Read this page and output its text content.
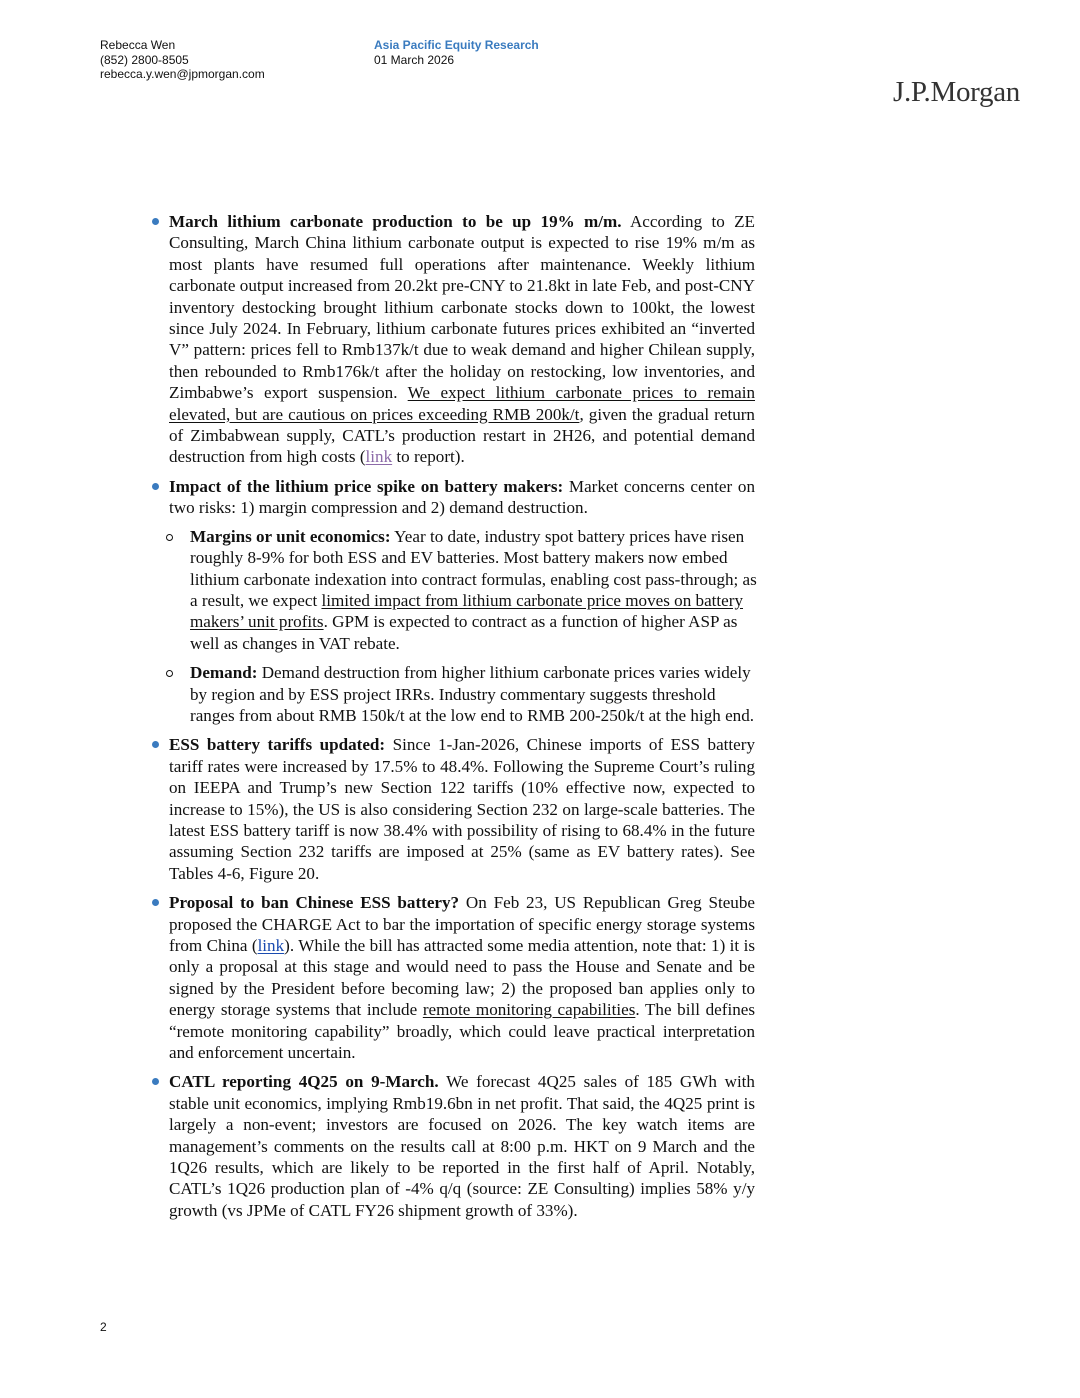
Rebecca Wen
(852) 2800-8505
rebecca.y.wen@jpmorgan.com
Asia Pacific Equity Research
01 March 2026
J.P.Morgan
March lithium carbonate production to be up 19% m/m. According to ZE Consulting, March China lithium carbonate output is expected to rise 19% m/m as most plants have resumed full operations after maintenance. Weekly lithium carbonate output increased from 20.2kt pre-CNY to 21.8kt in late Feb, and post-CNY inventory destocking brought lithium carbonate stocks down to 100kt, the lowest since July 2024. In February, lithium carbonate futures prices exhibited an “inverted V” pattern: prices fell to Rmb137k/t due to weak demand and higher Chilean supply, then rebounded to Rmb176k/t after the holiday on restocking, low inventories, and Zimbabwe’s export suspension. We expect lithium carbonate prices to remain elevated, but are cautious on prices exceeding RMB 200k/t, given the gradual return of Zimbabwean supply, CATL’s production restart in 2H26, and potential demand destruction from high costs (link to report).
Impact of the lithium price spike on battery makers: Market concerns center on two risks: 1) margin compression and 2) demand destruction.
Margins or unit economics: Year to date, industry spot battery prices have risen roughly 8-9% for both ESS and EV batteries. Most battery makers now embed lithium carbonate indexation into contract formulas, enabling cost pass-through; as a result, we expect limited impact from lithium carbonate price moves on battery makers’ unit profits. GPM is expected to contract as a function of higher ASP as well as changes in VAT rebate.
Demand: Demand destruction from higher lithium carbonate prices varies widely by region and by ESS project IRRs. Industry commentary suggests threshold ranges from about RMB 150k/t at the low end to RMB 200-250k/t at the high end.
ESS battery tariffs updated: Since 1-Jan-2026, Chinese imports of ESS battery tariff rates were increased by 17.5% to 48.4%. Following the Supreme Court’s ruling on IEEPA and Trump’s new Section 122 tariffs (10% effective now, expected to increase to 15%), the US is also considering Section 232 on large-scale batteries. The latest ESS battery tariff is now 38.4% with possibility of rising to 68.4% in the future assuming Section 232 tariffs are imposed at 25% (same as EV battery rates). See Tables 4-6, Figure 20.
Proposal to ban Chinese ESS battery? On Feb 23, US Republican Greg Steube proposed the CHARGE Act to bar the importation of specific energy storage systems from China (link). While the bill has attracted some media attention, note that: 1) it is only a proposal at this stage and would need to pass the House and Senate and be signed by the President before becoming law; 2) the proposed ban applies only to energy storage systems that include remote monitoring capabilities. The bill defines “remote monitoring capability” broadly, which could leave practical interpretation and enforcement uncertain.
CATL reporting 4Q25 on 9-March. We forecast 4Q25 sales of 185 GWh with stable unit economics, implying Rmb19.6bn in net profit. That said, the 4Q25 print is largely a non-event; investors are focused on 2026. The key watch items are management’s comments on the results call at 8:00 p.m. HKT on 9 March and the 1Q26 results, which are likely to be reported in the first half of April. Notably, CATL’s 1Q26 production plan of -4% q/q (source: ZE Consulting) implies 58% y/y growth (vs JPMe of CATL FY26 shipment growth of 33%).
2
